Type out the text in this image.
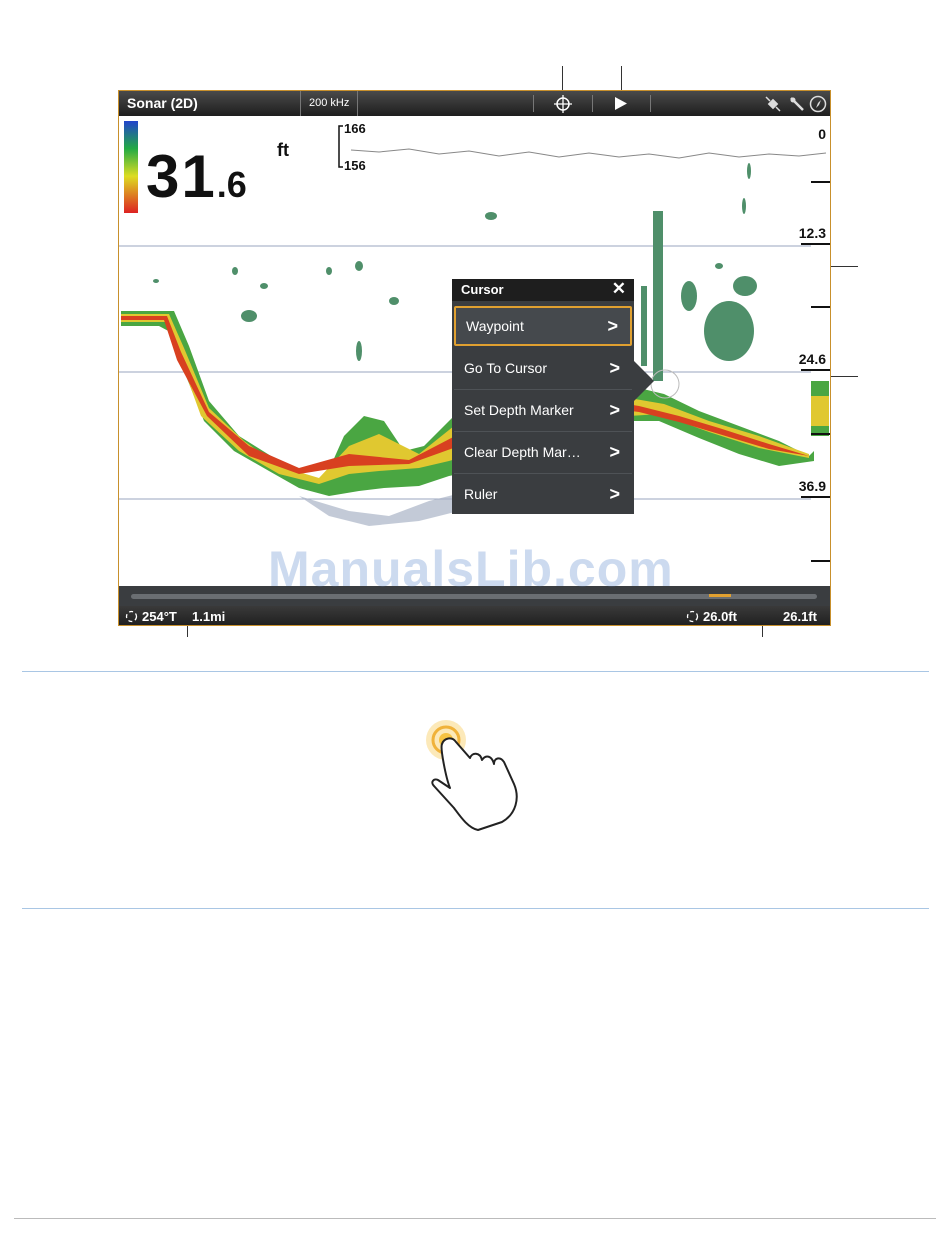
Sonar (2D)	200 kHz
31.6
ft
166
156
0
12.3
24.6
36.9
Cursor	✕
Waypoint	>
Go To Cursor	>
Set Depth Marker >
Clear Depth Mar… >
Ruler	>
254°T 1.1mi	26.0ft	26.1ft
ManualsLib.com
